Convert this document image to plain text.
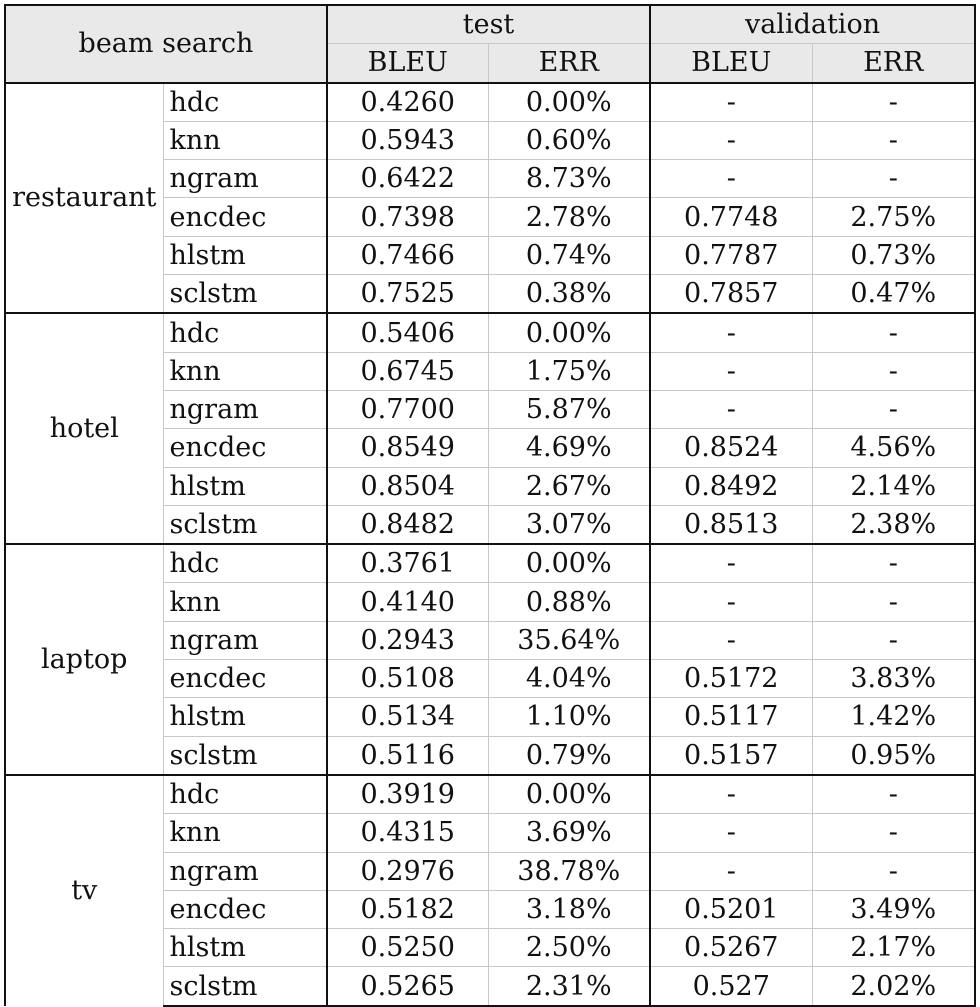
beam search		test		validation	
		BLEU	ERR	BLEU	ERR
restaurant	hdc	0.4260	0.00%	-	-
	knn	0.5943	0.60%	-	-
	ngram	0.6422	8.73%	-	-
	encdec	0.7398	2.78%	0.7748	2.75%
	hlstm	0.7466	0.74%	0.7787	0.73%
	sclstm	0.7525	0.38%	0.7857	0.47%
hotel	hdc	0.5406	0.00%	-	-
	knn	0.6745	1.75%	-	-
	ngram	0.7700	5.87%	-	-
	encdec	0.8549	4.69%	0.8524	4.56%
	hlstm	0.8504	2.67%	0.8492	2.14%
	sclstm	0.8482	3.07%	0.8513	2.38%
laptop	hdc	0.3761	0.00%	-	-
	knn	0.4140	0.88%	-	-
	ngram	0.2943	35.64%	-	-
	encdec	0.5108	4.04%	0.5172	3.83%
	hlstm	0.5134	1.10%	0.5117	1.42%
	sclstm	0.5116	0.79%	0.5157	0.95%
tv	hdc	0.3919	0.00%	-	-
	knn	0.4315	3.69%	-	-
	ngram	0.2976	38.78%	-	-
	encdec	0.5182	3.18%	0.5201	3.49%
	hlstm	0.5250	2.50%	0.5267	2.17%
	sclstm	0.5265	2.31%	0.527	2.02%
